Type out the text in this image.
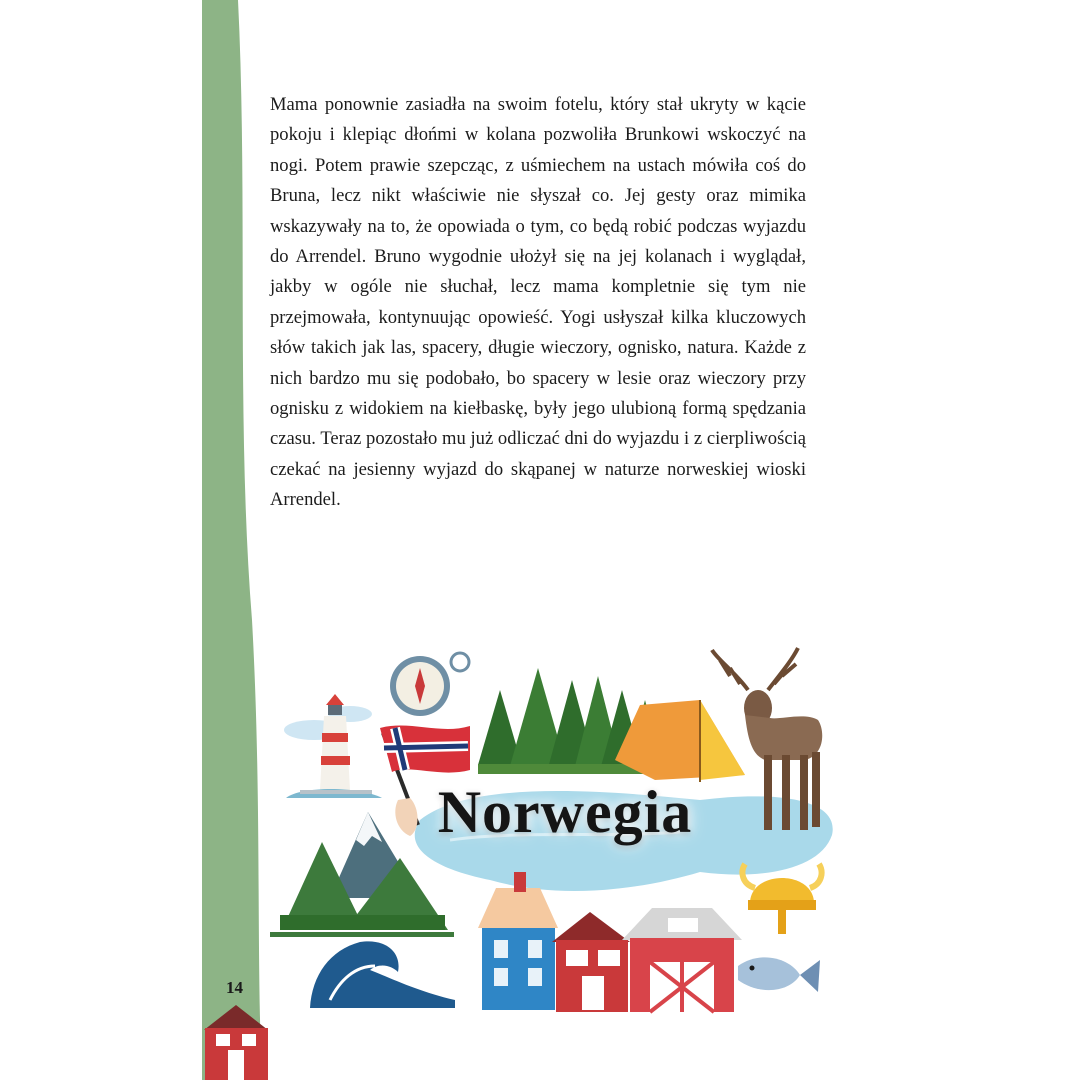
Mama ponownie zasiadła na swoim fotelu, który stał ukryty w kącie pokoju i klepiąc dłońmi w kolana pozwoliła Brunkowi wskoczyć na nogi. Potem prawie szepcząc, z uśmiechem na ustach mówiła coś do Bruna, lecz nikt właściwie nie słyszał co. Jej gesty oraz mimika wskazywały na to, że opowiada o tym, co będą robić podczas wyjazdu do Arrendel. Bruno wygodnie ułożył się na jej kolanach i wyglądał, jakby w ogóle nie słuchał, lecz mama kompletnie się tym nie przejmowała, kontynuując opowieść. Yogi usłyszał kilka kluczowych słów takich jak las, spacery, długie wieczory, ognisko, natura. Każde z nich bardzo mu się podobało, bo spacery w lesie oraz wieczory przy ognisku z widokiem na kiełbaskę, były jego ulubioną formą spędzania czasu. Teraz pozostało mu już odliczać dni do wyjazdu i z cierpliwością czekać na jesienny wyjazd do skąpanej w naturze norweskiej wioski Arrendel.

Norwegia
14
